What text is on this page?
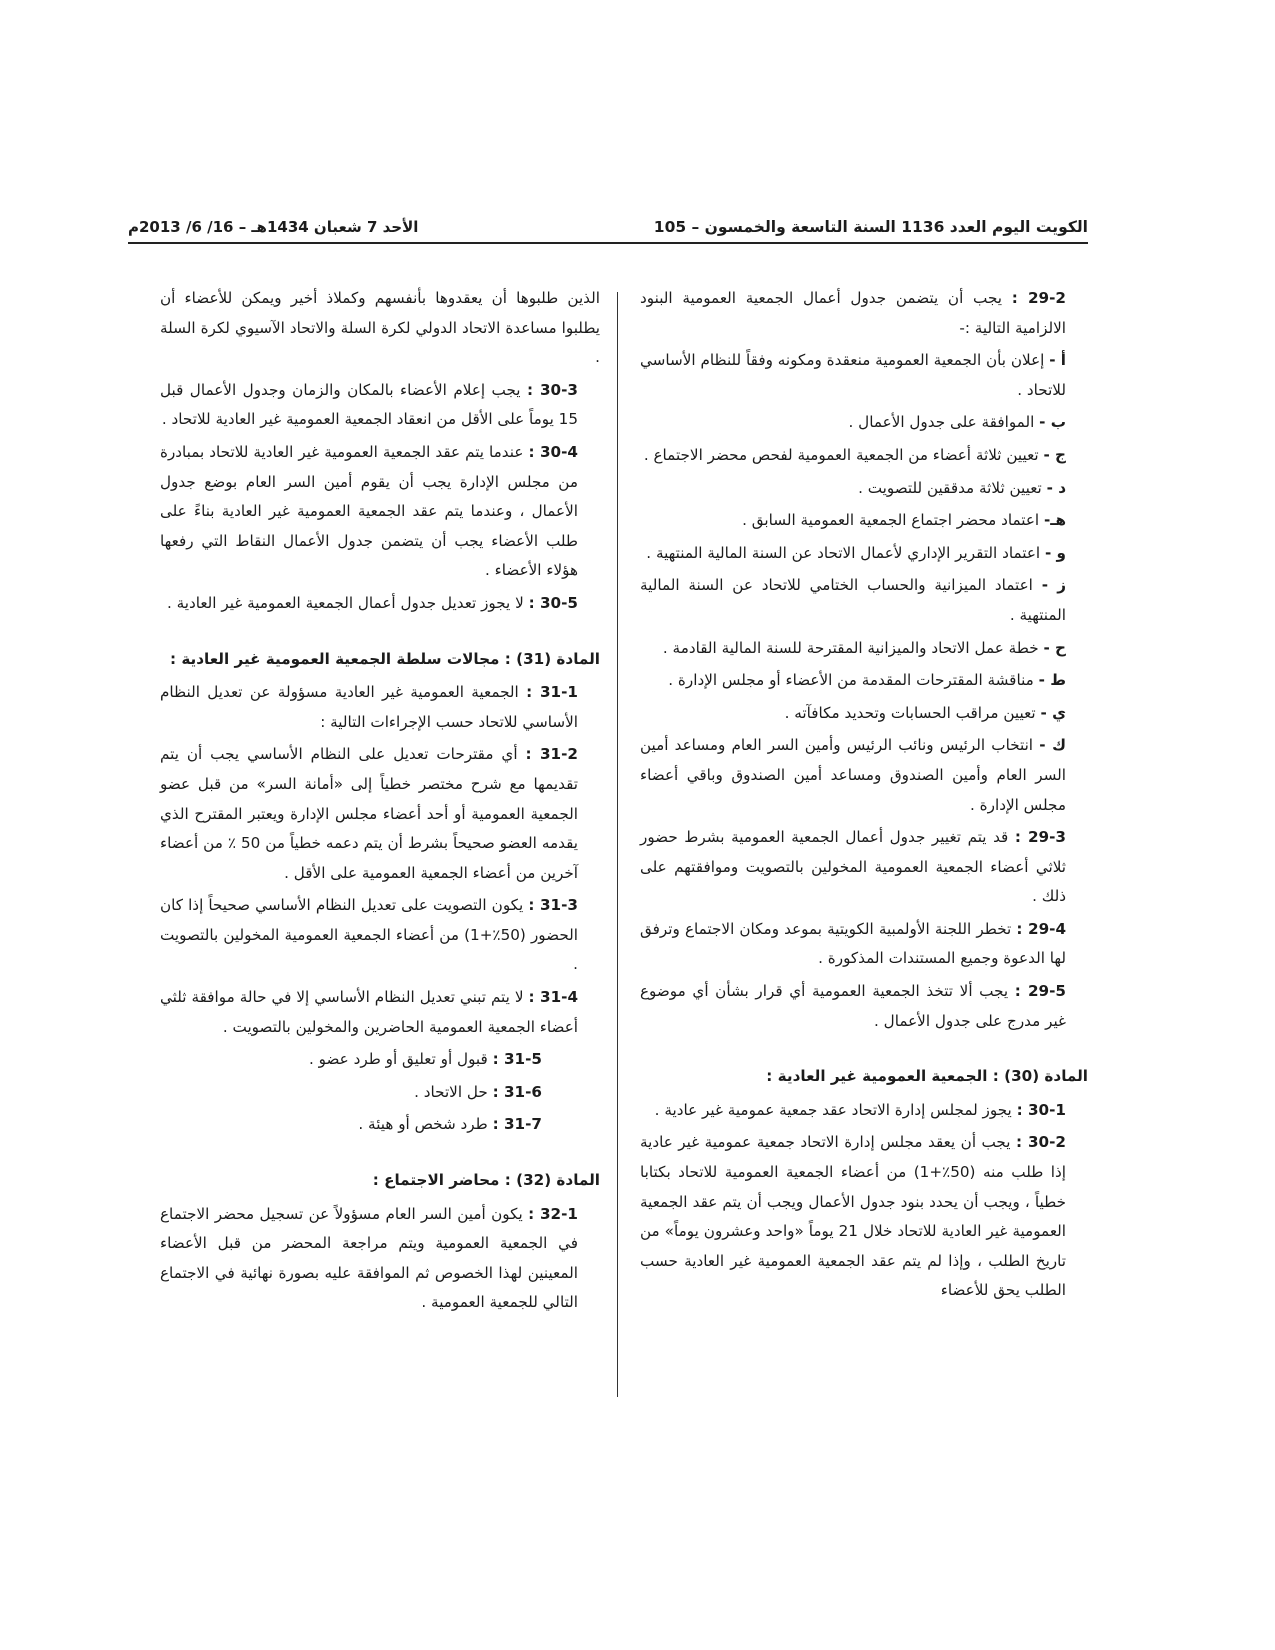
الأحد 7 شعبان 1434هـ – 16/ 6/ 2013م	الكويت اليوم العدد 1136 السنة التاسعة والخمسون – 105

29-2 : يجب أن يتضمن جدول أعمال الجمعية العمومية البنود الالزامية التالية :-

أ - إعلان بأن الجمعية العمومية منعقدة ومكونه وفقاً للنظام الأساسي للاتحاد .

ب - الموافقة على جدول الأعمال .

ج - تعيين ثلاثة أعضاء من الجمعية العمومية لفحص محضر الاجتماع .

د - تعيين ثلاثة مدققين للتصويت .

هـ- اعتماد محضر اجتماع الجمعية العمومية السابق .

و - اعتماد التقرير الإداري لأعمال الاتحاد عن السنة المالية المنتهية .

ز - اعتماد الميزانية والحساب الختامي للاتحاد عن السنة المالية المنتهية .

ح - خطة عمل الاتحاد والميزانية المقترحة للسنة المالية القادمة .

ط - مناقشة المقترحات المقدمة من الأعضاء أو مجلس الإدارة .

ي - تعيين مراقب الحسابات وتحديد مكافآته .

ك - انتخاب الرئيس ونائب الرئيس وأمين السر العام ومساعد أمين السر العام وأمين الصندوق ومساعد أمين الصندوق وباقي أعضاء مجلس الإدارة .

29-3 : قد يتم تغيير جدول أعمال الجمعية العمومية بشرط حضور ثلاثي أعضاء الجمعية العمومية المخولين بالتصويت وموافقتهم على ذلك .

29-4 : تخطر اللجنة الأولمبية الكويتية بموعد ومكان الاجتماع وترفق لها الدعوة وجميع المستندات المذكورة .

29-5 : يجب ألا تتخذ الجمعية العمومية أي قرار بشأن أي موضوع غير مدرج على جدول الأعمال .

المادة (30) : الجمعية العمومية غير العادية :

30-1 : يجوز لمجلس إدارة الاتحاد عقد جمعية عمومية غير عادية .

30-2 : يجب أن يعقد مجلس إدارة الاتحاد جمعية عمومية غير عادية إذا طلب منه (50٪+1) من أعضاء الجمعية العمومية للاتحاد بكتابا خطياً ، ويجب أن يحدد بنود جدول الأعمال ويجب أن يتم عقد الجمعية العمومية غير العادية للاتحاد خلال 21 يوماً «واحد وعشرون يوماً» من تاريخ الطلب ، وإذا لم يتم عقد الجمعية العمومية غير العادية حسب الطلب يحق للأعضاء

الذين طلبوها أن يعقدوها بأنفسهم وكملاذ أخير ويمكن للأعضاء أن يطلبوا مساعدة الاتحاد الدولي لكرة السلة والاتحاد الآسيوي لكرة السلة .

30-3 : يجب إعلام الأعضاء بالمكان والزمان وجدول الأعمال قبل 15 يوماً على الأقل من انعقاد الجمعية العمومية غير العادية للاتحاد .

30-4 : عندما يتم عقد الجمعية العمومية غير العادية للاتحاد بمبادرة من مجلس الإدارة يجب أن يقوم أمين السر العام بوضع جدول الأعمال ، وعندما يتم عقد الجمعية العمومية غير العادية بناءً على طلب الأعضاء يجب أن يتضمن جدول الأعمال النقاط التي رفعها هؤلاء الأعضاء .

30-5 : لا يجوز تعديل جدول أعمال الجمعية العمومية غير العادية .

المادة (31) : مجالات سلطة الجمعية العمومية غير العادية :

31-1 : الجمعية العمومية غير العادية مسؤولة عن تعديل النظام الأساسي للاتحاد حسب الإجراءات التالية :

31-2 : أي مقترحات تعديل على النظام الأساسي يجب أن يتم تقديمها مع شرح مختصر خطياً إلى «أمانة السر» من قبل عضو الجمعية العمومية أو أحد أعضاء مجلس الإدارة ويعتبر المقترح الذي يقدمه العضو صحيحاً بشرط أن يتم دعمه خطياً من 50 ٪ من أعضاء آخرين من أعضاء الجمعية العمومية على الأقل .

31-3 : يكون التصويت على تعديل النظام الأساسي صحيحاً إذا كان الحضور (50٪+1) من أعضاء الجمعية العمومية المخولين بالتصويت .

31-4 : لا يتم تبني تعديل النظام الأساسي إلا في حالة موافقة ثلثي أعضاء الجمعية العمومية الحاضرين والمخولين بالتصويت .

31-5 : قبول أو تعليق أو طرد عضو .

31-6 : حل الاتحاد .

31-7 : طرد شخص أو هيئة .

المادة (32) : محاضر الاجتماع :

32-1 : يكون أمين السر العام مسؤولاً عن تسجيل محضر الاجتماع في الجمعية العمومية ويتم مراجعة المحضر من قبل الأعضاء المعينين لهذا الخصوص ثم الموافقة عليه بصورة نهائية في الاجتماع التالي للجمعية العمومية .
